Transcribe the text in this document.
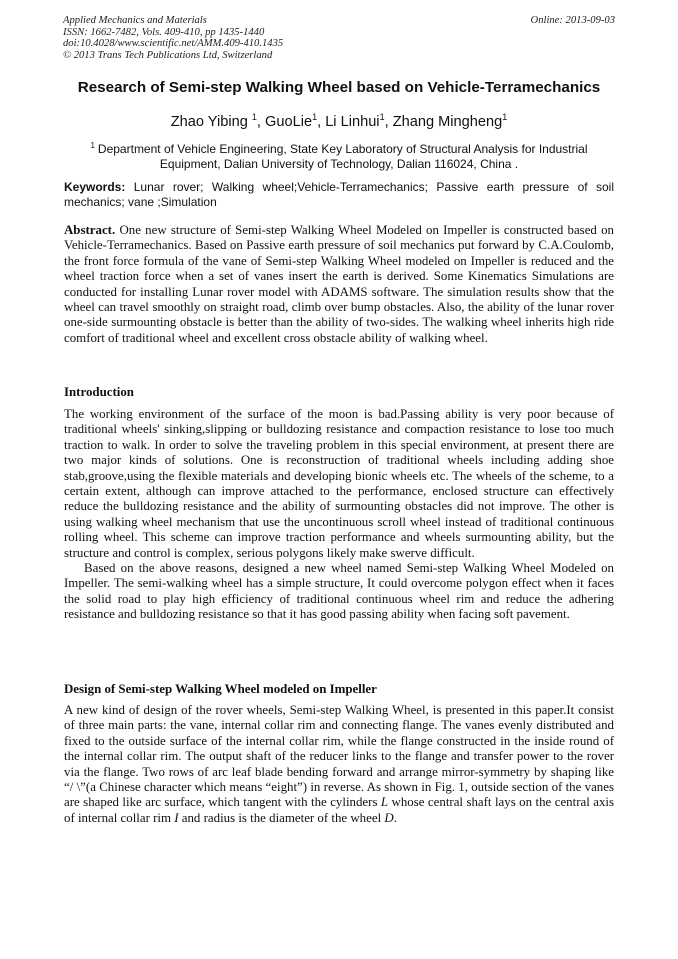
Applied Mechanics and Materials
ISSN: 1662-7482, Vols. 409-410, pp 1435-1440
doi:10.4028/www.scientific.net/AMM.409-410.1435
© 2013 Trans Tech Publications Ltd, Switzerland
Online: 2013-09-03
Research of Semi-step Walking Wheel based on Vehicle-Terramechanics
Zhao Yibing $^1$, GuoLie$^1$, Li Linhui$^1$, Zhang Mingheng$^1$
$^1$ Department of Vehicle Engineering, State Key Laboratory of Structural Analysis for Industrial Equipment, Dalian University of Technology, Dalian 116024, China .
Keywords: Lunar rover; Walking wheel;Vehicle-Terramechanics; Passive earth pressure of soil mechanics; vane ;Simulation

Abstract. One new structure of Semi-step Walking Wheel Modeled on Impeller is constructed based on Vehicle-Terramechanics. Based on Passive earth pressure of soil mechanics put forward by C.A.Coulomb, the front force formula of the vane of Semi-step Walking Wheel modeled on Impeller is reduced and the wheel traction force when a set of vanes insert the earth is derived. Some Kinematics Simulations are conducted for installing Lunar rover model with ADAMS software. The simulation results show that the wheel can travel smoothly on straight road, climb over bump obstacles. Also, the ability of the lunar rover one-side surmounting obstacle is better than the ability of two-sides. The walking wheel inherits high ride comfort of traditional wheel and excellent cross obstacle ability of walking wheel.

Introduction

The working environment of the surface of the moon is bad.Passing ability is very poor because of traditional wheels' sinking,slipping or bulldozing resistance and compaction resistance to lose too much traction to walk. In order to solve the traveling problem in this special environment, at present there are two major kinds of solutions. One is reconstruction of traditional wheels including adding shoe stab,groove,using the flexible materials and developing bionic wheels etc. The wheels of the scheme, to a certain extent, although can improve attached to the performance, enclosed structure can effectively reduce the bulldozing resistance and the ability of surmounting obstacles did not improve. The other is using walking wheel mechanism that use the uncontinuous scroll wheel instead of traditional continuous rolling wheel. This scheme can improve traction performance and wheels surmounting ability, but the structure and control is complex, serious polygons likely make swerve difficult.

Based on the above reasons, designed a new wheel named Semi-step Walking Wheel Modeled on Impeller. The semi-walking wheel has a simple structure, It could overcome polygon effect when it faces the solid road to play high efficiency of traditional continuous wheel rim and reduce the adhering resistance and bulldozing resistance so that it has good passing ability when facing soft pavement.

Design of Semi-step Walking Wheel modeled on Impeller

A new kind of design of the rover wheels, Semi-step Walking Wheel, is presented in this paper.It consist of three main parts: the vane, internal collar rim and connecting flange. The vanes evenly distributed and fixed to the outside surface of the internal collar rim, while the flange constructed in the inside round of the internal collar rim. The output shaft of the reducer links to the flange and transfer power to the rover via the flange. Two rows of arc leaf blade bending forward and arrange mirror-symmetry by shaping like “/ \”(a Chinese character which means “eight”) in reverse. As shown in Fig. 1, outside section of the vanes are shaped like arc surface, which tangent with the cylinders L whose central shaft lays on the central axis of internal collar rim I and radius is the diameter of the wheel D.
